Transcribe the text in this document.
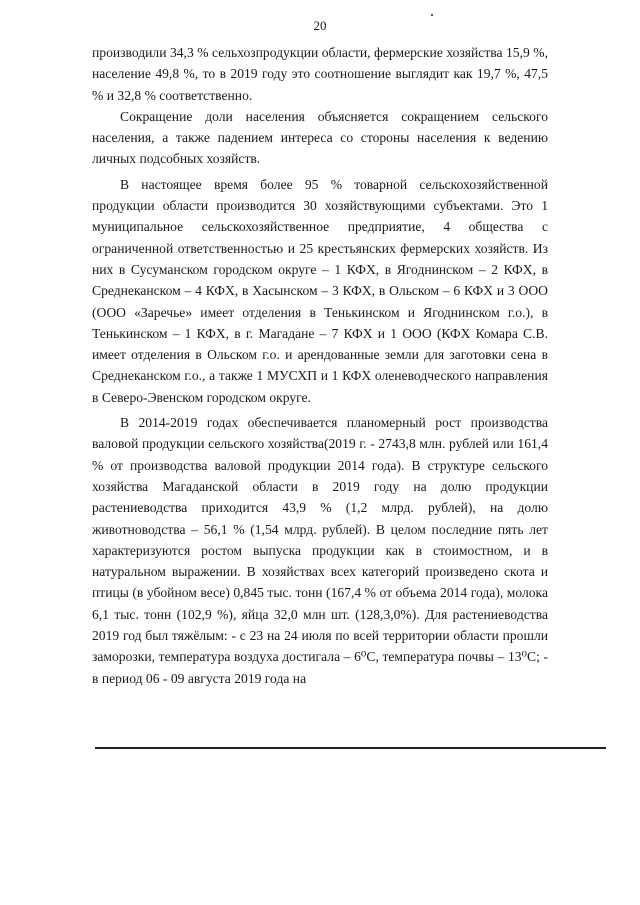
20

производили 34,3 % сельхозпродукции области, фермерские хозяйства 15,9 %, население 49,8 %, то в 2019 году это соотношение выглядит как 19,7 %, 47,5 % и 32,8 % соответственно.

Сокращение доли населения объясняется сокращением сельского населения, а также падением интереса со стороны населения к ведению личных подсобных хозяйств.

В настоящее время более 95 % товарной сельскохозяйственной продукции области производится 30 хозяйствующими субъектами. Это 1 муниципальное сельскохозяйственное предприятие, 4 общества с ограниченной ответственностью и 25 крестьянских фермерских хозяйств. Из них в Сусуманском городском округе – 1 КФХ, в Ягоднинском – 2 КФХ, в Среднеканском – 4 КФХ, в Хасынском – 3 КФХ, в Ольском – 6 КФХ и 3 ООО (ООО «Заречье» имеет отделения в Тенькинском и Ягоднинском г.о.), в Тенькинском – 1 КФХ, в г. Магадане – 7 КФХ и 1 ООО (КФХ Комара С.В. имеет отделения в Ольском г.о. и арендованные земли для заготовки сена в Среднеканском г.о., а также 1 МУСХП и 1 КФХ оленеводческого направления в Северо-Эвенском городском округе.

В 2014-2019 годах обеспечивается планомерный рост производства валовой продукции сельского хозяйства(2019 г. - 2743,8 млн. рублей или 161,4 % от производства валовой продукции 2014 года). В структуре сельского хозяйства Магаданской области в 2019 году на долю продукции растениеводства приходится 43,9 % (1,2 млрд. рублей), на долю животноводства – 56,1 % (1,54 млрд. рублей). В целом последние пять лет характеризуются ростом выпуска продукции как в стоимостном, и в натуральном выражении. В хозяйствах всех категорий произведено скота и птицы (в убойном весе) 0,845 тыс. тонн (167,4 % от объема 2014 года), молока 6,1 тыс. тонн (102,9 %), яйца 32,0 млн шт. (128,3,0%). Для растениеводства 2019 год был тяжёлым: - с 23 на 24 июля по всей территории области прошли заморозки, температура воздуха достигала – 6⁰С, температура почвы – 13⁰С; - в период 06 - 09 августа 2019 года на
